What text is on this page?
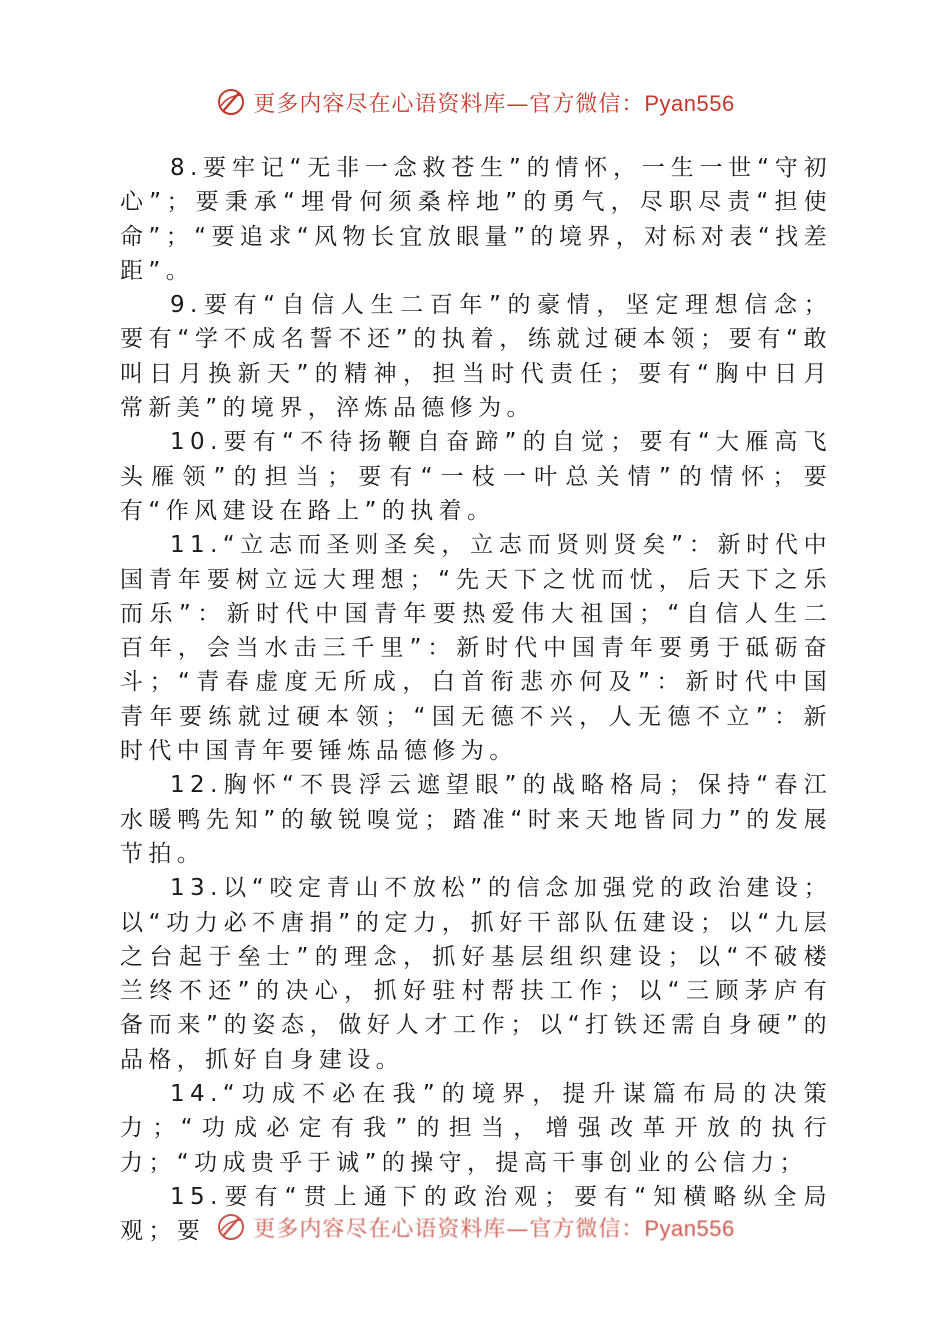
更多内容尽在心语资料库—官方微信：Pyan556

8.要牢记“无非一念救苍生”的情怀，一生一世“守初心”；要秉承“埋骨何须桑梓地”的勇气，尽职尽责“担使命”；“要追求“风物长宜放眼量”的境界，对标对表“找差距”。

9.要有“自信人生二百年”的豪情，坚定理想信念；要有“学不成名誓不还”的执着，练就过硬本领；要有“敢叫日月换新天”的精神，担当时代责任；要有“胸中日月常新美”的境界，淬炼品德修为。

10.要有“不待扬鞭自奋蹄”的自觉；要有“大雁高飞头雁领”的担当；要有“一枝一叶总关情”的情怀；要有“作风建设在路上”的执着。

11.“立志而圣则圣矣，立志而贤则贤矣”：新时代中国青年要树立远大理想；“先天下之忧而忧，后天下之乐而乐”：新时代中国青年要热爱伟大祖国；“自信人生二百年，会当水击三千里”：新时代中国青年要勇于砥砺奋斗；“青春虚度无所成，白首衔悲亦何及”：新时代中国青年要练就过硬本领；“国无德不兴，人无德不立”：新时代中国青年要锤炼品德修为。

12.胸怀“不畏浮云遮望眼”的战略格局；保持“春江水暖鸭先知”的敏锐嗅觉；踏准“时来天地皆同力”的发展节拍。

13.以“咬定青山不放松”的信念加强党的政治建设；以“功力必不唐捐”的定力，抓好干部队伍建设；以“九层之台起于垒士”的理念，抓好基层组织建设；以“不破楼兰终不还”的决心，抓好驻村帮扶工作；以“三顾茅庐有备而来”的姿态，做好人才工作；以“打铁还需自身硬”的品格，抓好自身建设。

14.“功成不必在我”的境界，提升谋篇布局的决策力；“功成必定有我”的担当，增强改革开放的执行力；“功成贵乎于诚”的操守，提高干事创业的公信力；

15.要有“贯上通下的政治观；要有“知横略纵全局观；要	更多内容尽在心语资料库—官方微信：Pyan556
